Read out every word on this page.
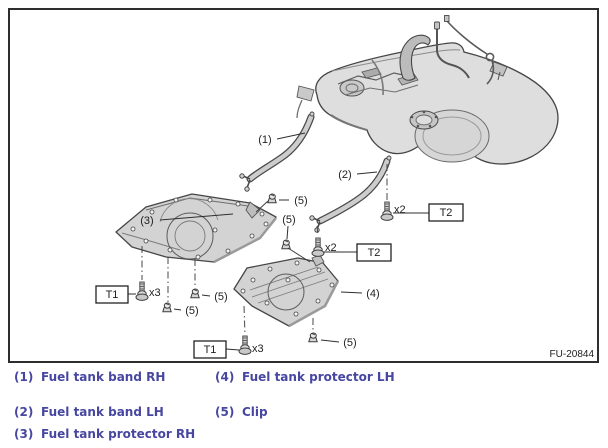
(1)
(2)
(3)
(4)
(5)
(5)
(5)
(5)
(5)
x2
x2
x3
x3
T1
T1
T2
T2
FU-20844
(1) Fuel tank band RH	(4) Fuel tank protector LH
(2) Fuel tank band LH	(5) Clip
(3) Fuel tank protector RH
